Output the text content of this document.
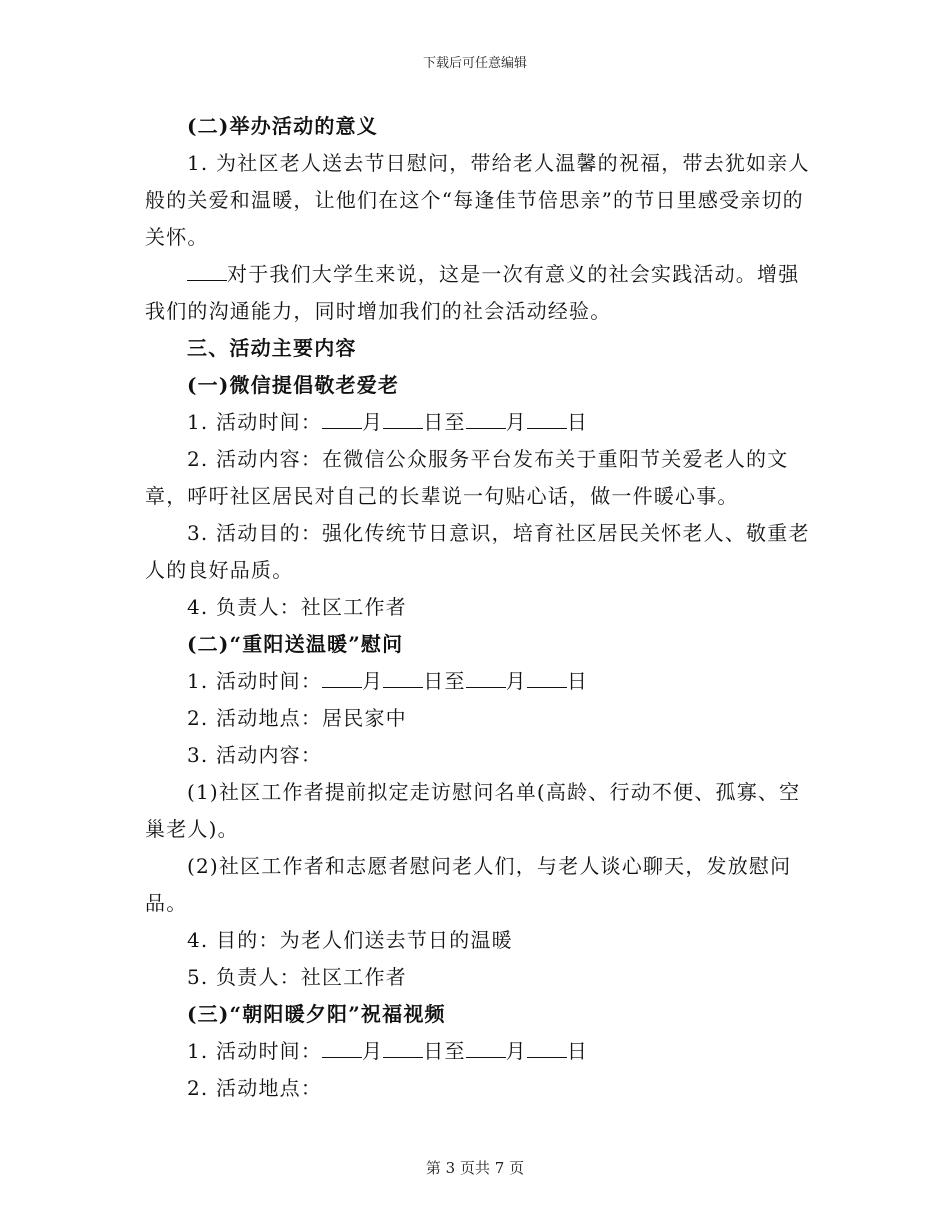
下载后可任意编辑

(二)举办活动的意义

1. 为社区老人送去节日慰问，带给老人温馨的祝福，带去犹如亲人般的关爱和温暖，让他们在这个“每逢佳节倍思亲”的节日里感受亲切的关怀。

对于我们大学生来说，这是一次有意义的社会实践活动。增强我们的沟通能力，同时增加我们的社会活动经验。

三、活动主要内容

(一)微信提倡敬老爱老

1. 活动时间： 月 日至 月 日

2. 活动内容：在微信公众服务平台发布关于重阳节关爱老人的文章，呼吁社区居民对自己的长辈说一句贴心话，做一件暖心事。

3. 活动目的：强化传统节日意识，培育社区居民关怀老人、敬重老人的良好品质。

4. 负责人：社区工作者

(二)“重阳送温暖”慰问

1. 活动时间： 月 日至 月 日

2. 活动地点：居民家中

3. 活动内容：

(1)社区工作者提前拟定走访慰问名单(高龄、行动不便、孤寡、空巢老人)。

(2)社区工作者和志愿者慰问老人们，与老人谈心聊天，发放慰问品。

4. 目的：为老人们送去节日的温暖

5. 负责人：社区工作者

(三)“朝阳暖夕阳”祝福视频

1. 活动时间： 月 日至 月 日

2. 活动地点：

第 3 页共 7 页
